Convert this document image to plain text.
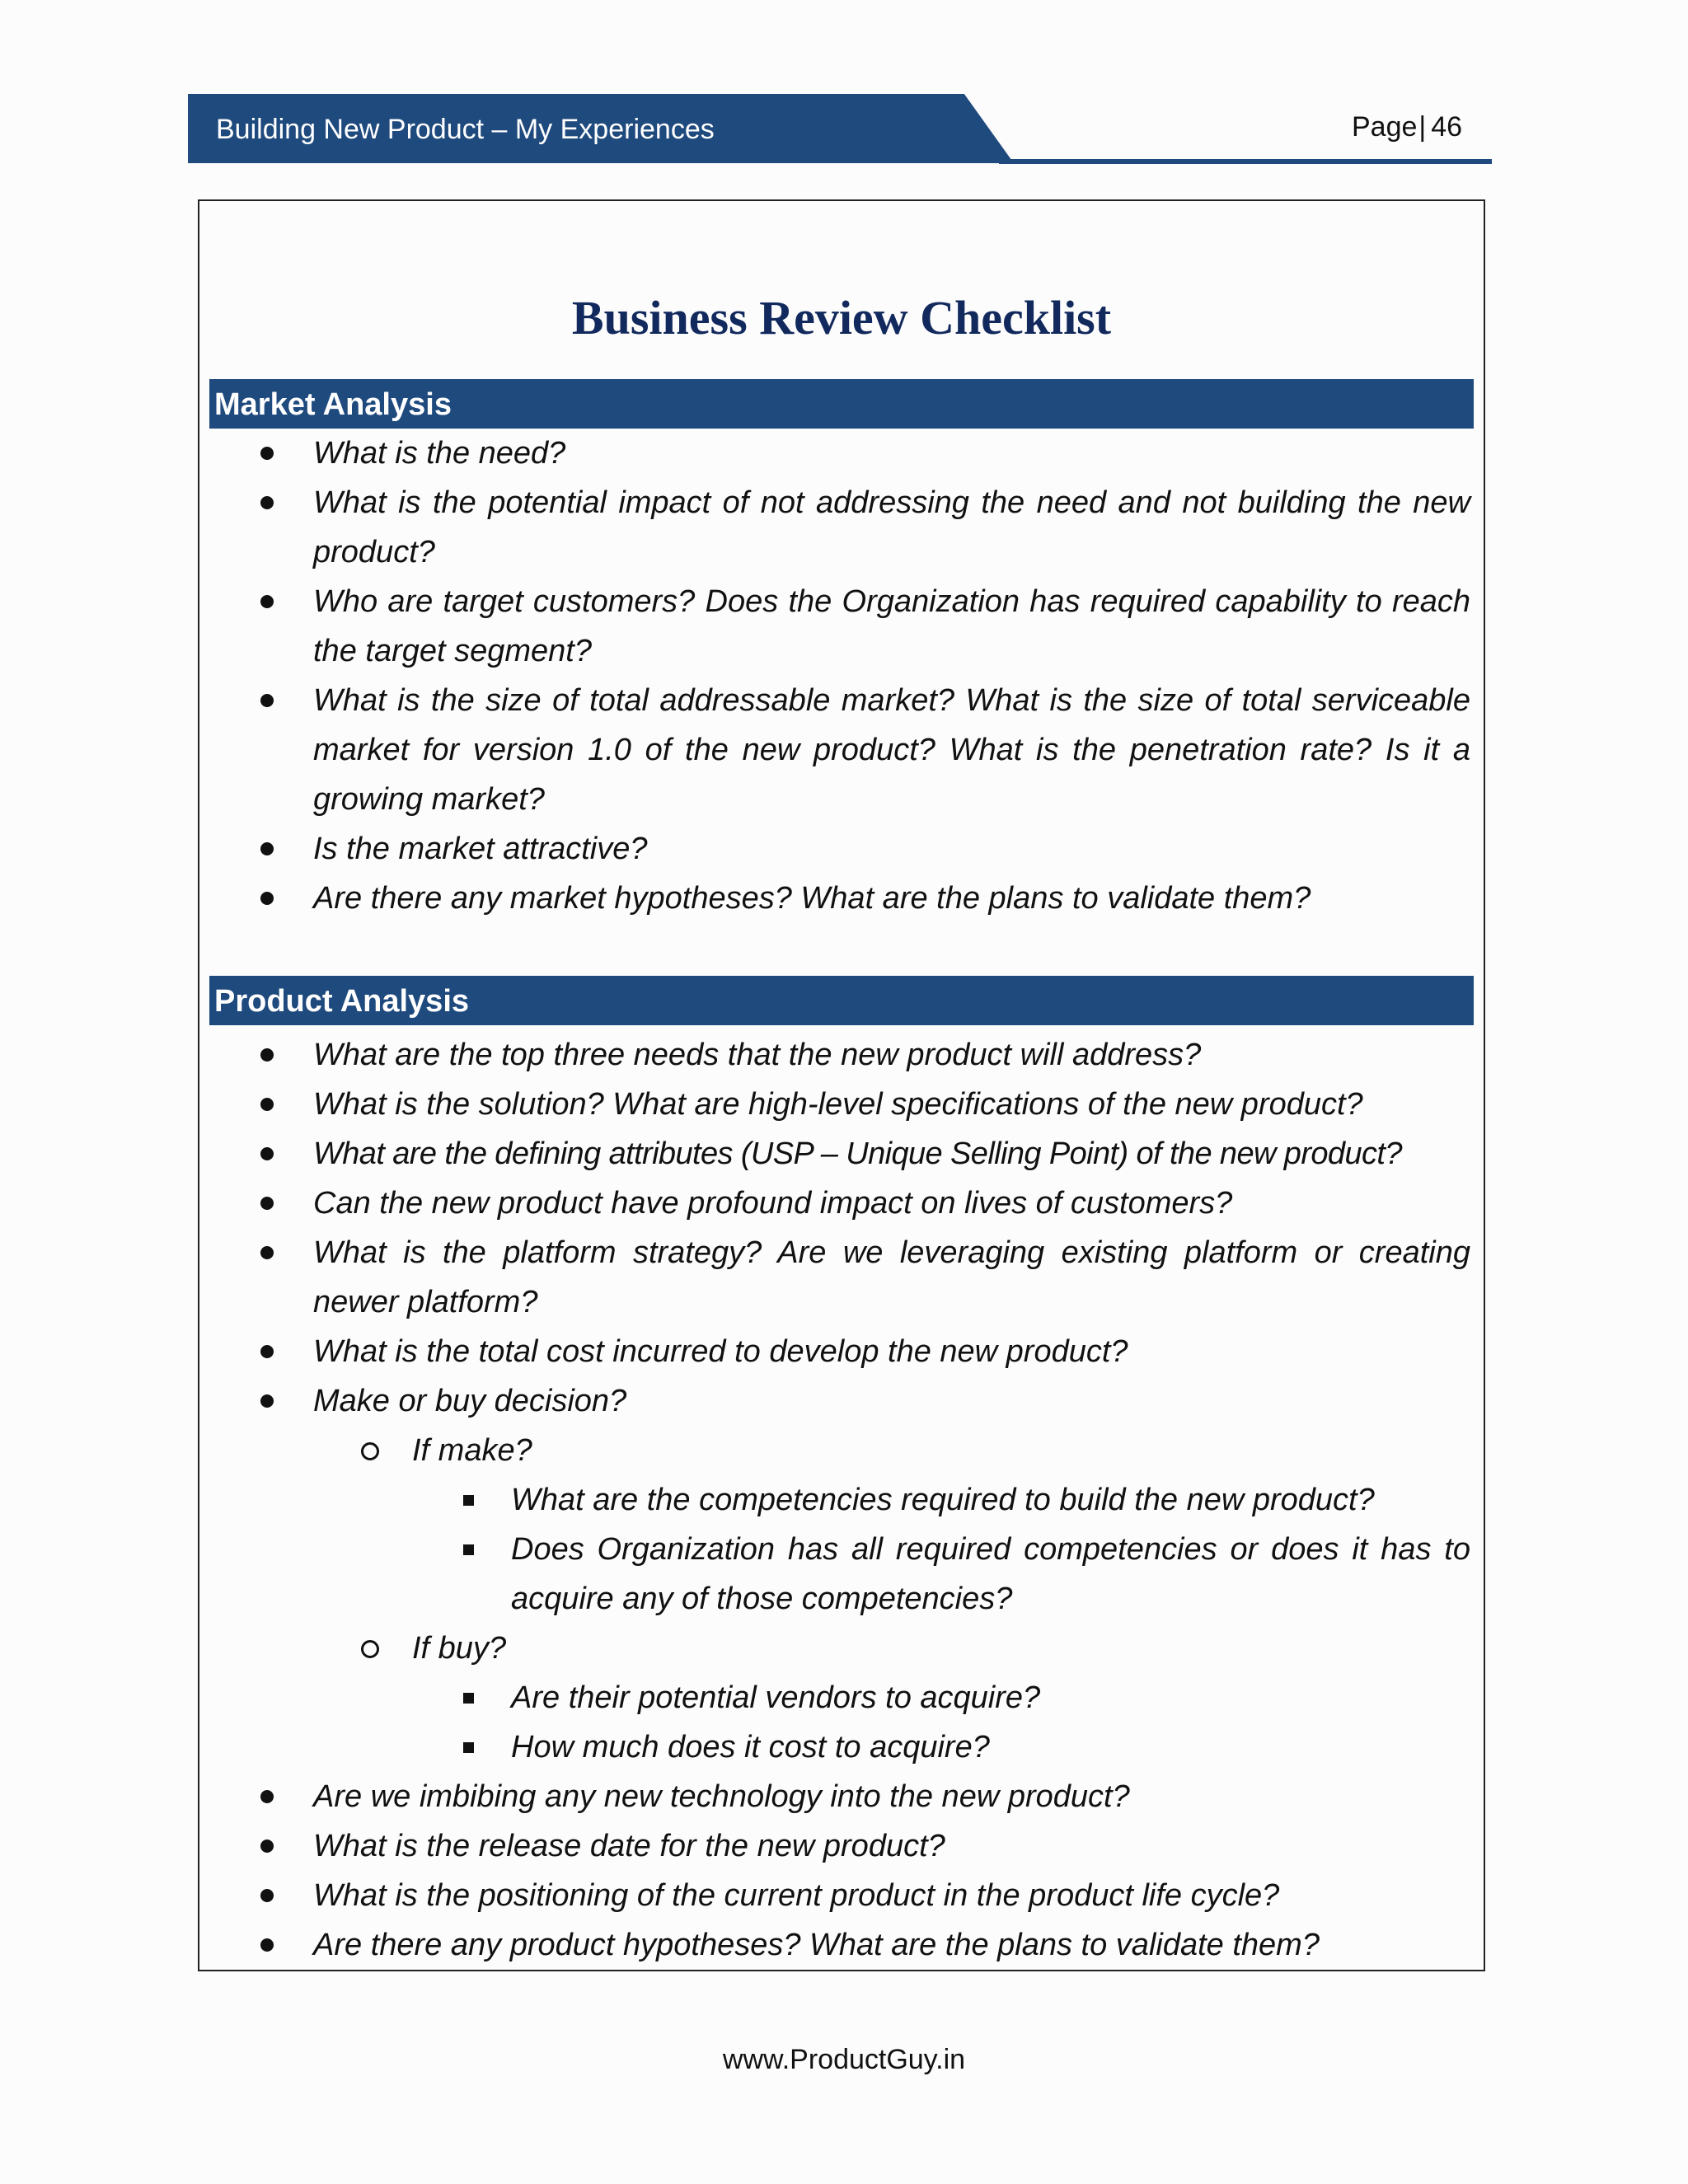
Building New Product – My Experiences	Page| 46
Business Review Checklist
Market Analysis
What is the need?
What is the potential impact of not addressing the need and not building the new product?
Who are target customers? Does the Organization has required capability to reach the target segment?
What is the size of total addressable market? What is the size of total serviceable market for version 1.0 of the new product? What is the penetration rate? Is it a growing market?
Is the market attractive?
Are there any market hypotheses? What are the plans to validate them?
Product Analysis
What are the top three needs that the new product will address?
What is the solution? What are high-level specifications of the new product?
What are the defining attributes (USP – Unique Selling Point) of the new product?
Can the new product have profound impact on lives of customers?
What is the platform strategy? Are we leveraging existing platform or creating newer platform?
What is the total cost incurred to develop the new product?
Make or buy decision?
If make?
What are the competencies required to build the new product?
Does Organization has all required competencies or does it has to acquire any of those competencies?
If buy?
Are their potential vendors to acquire?
How much does it cost to acquire?
Are we imbibing any new technology into the new product?
What is the release date for the new product?
What is the positioning of the current product in the product life cycle?
Are there any product hypotheses? What are the plans to validate them?
www.ProductGuy.in
